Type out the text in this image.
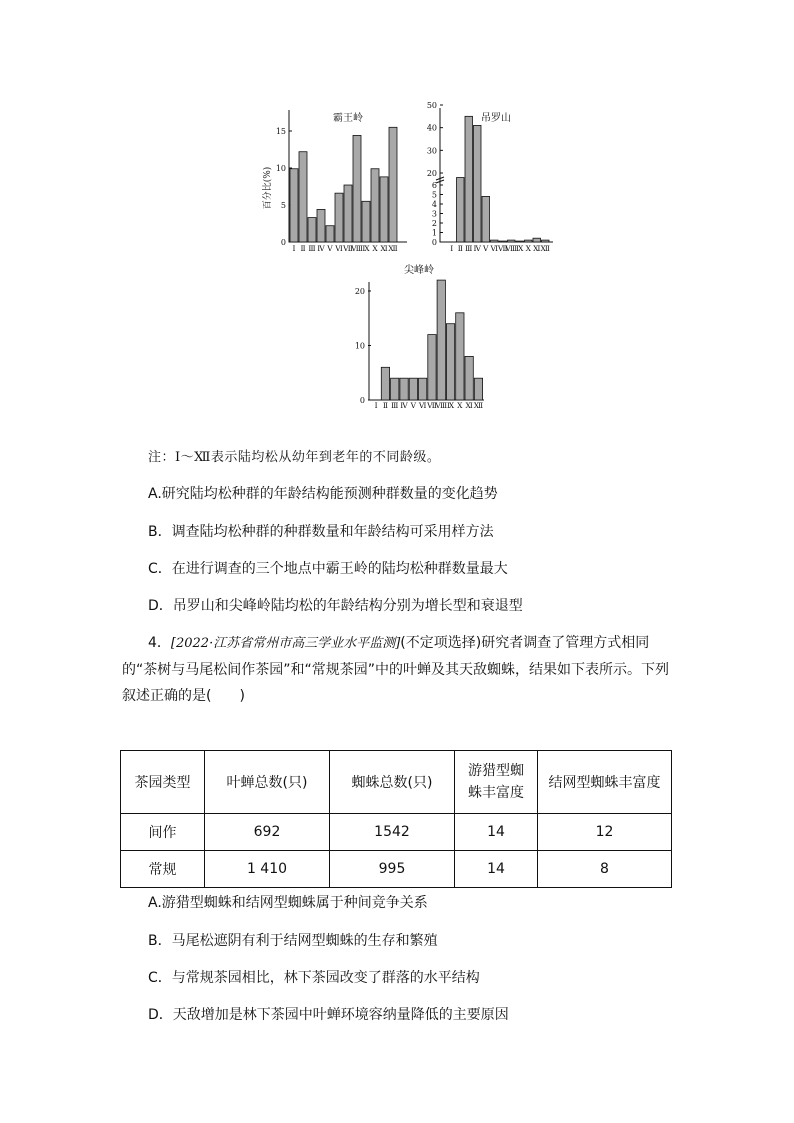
0
5
10
15
百分比(%)
霸王岭
Ⅰ Ⅱ Ⅲ Ⅳ Ⅴ Ⅵ Ⅶ
Ⅷ Ⅸ Ⅹ Ⅺ Ⅻ
0
1
2
3
4
5
6
20
30
40
50
吊罗山
Ⅰ Ⅱ Ⅲ Ⅳ Ⅴ Ⅵ Ⅶ
Ⅷ
Ⅸ Ⅹ Ⅺ Ⅻ
0
10
20
尖峰岭
Ⅰ Ⅱ Ⅲ Ⅳ Ⅴ Ⅵ Ⅶ
Ⅷ Ⅸ Ⅹ Ⅺ Ⅻ
注：Ⅰ～Ⅻ表示陆均松从幼年到老年的不同龄级。
A.研究陆均松种群的年龄结构能预测种群数量的变化趋势
B．调查陆均松种群的种群数量和年龄结构可采用样方法
C．在进行调查的三个地点中霸王岭的陆均松种群数量最大
D．吊罗山和尖峰岭陆均松的年龄结构分别为增长型和衰退型
4．[2022·江苏省常州市高三学业水平监测](不定项选择)研究者调查了管理方式相同的“茶树与马尾松间作茶园”和“常规茶园”中的叶蝉及其天敌蜘蛛，结果如下表所示。下列叙述正确的是(　　)
茶园类型	叶蝉总数(只)	蜘蛛总数(只)	游猎型蜘
蛛丰富度	结网型蜘蛛丰富度
间作	692	1542	14	12
常规	1 410	995	14	8
A.游猎型蜘蛛和结网型蜘蛛属于种间竞争关系
B．马尾松遮阴有利于结网型蜘蛛的生存和繁殖
C．与常规茶园相比，林下茶园改变了群落的水平结构
D．天敌增加是林下茶园中叶蝉环境容纳量降低的主要原因
